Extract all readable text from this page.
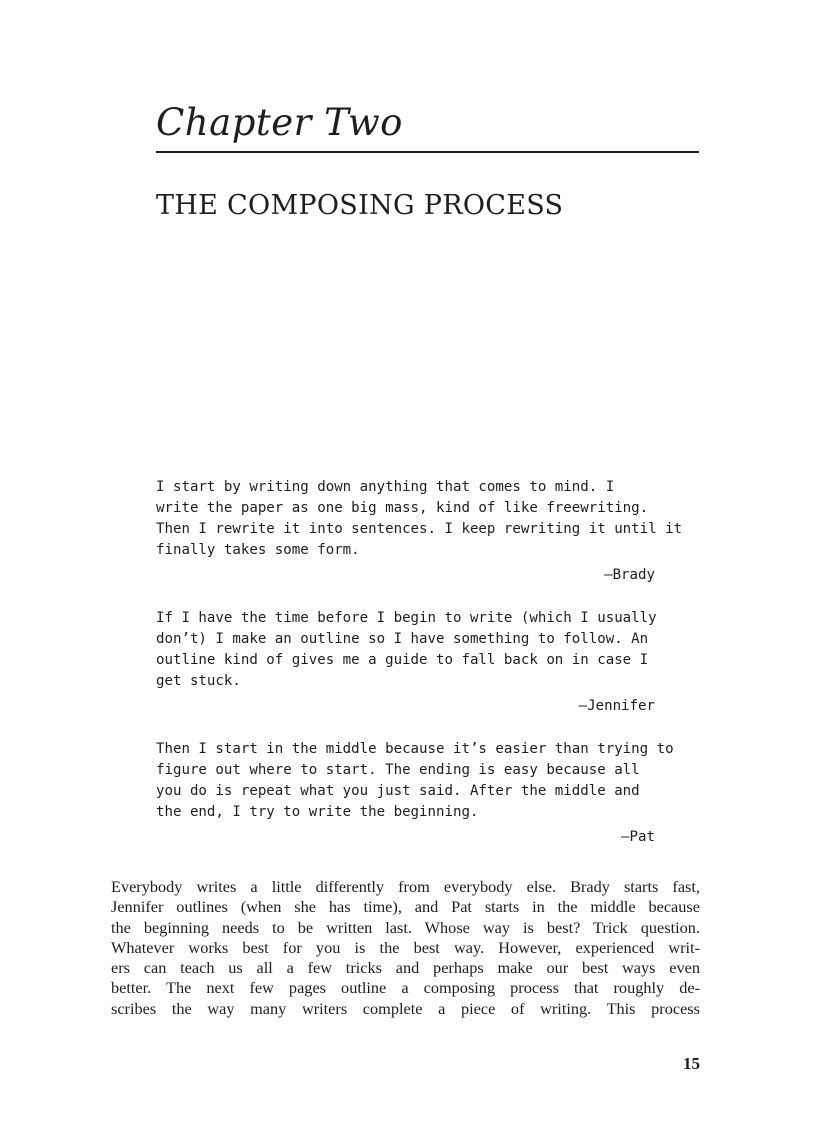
Chapter Two
THE COMPOSING PROCESS

I start by writing down anything that comes to mind. I
write the paper as one big mass, kind of like freewriting.
Then I rewrite it into sentences. I keep rewriting it until it
finally takes some form.

—Brady

If I have the time before I begin to write (which I usually
don’t) I make an outline so I have something to follow. An
outline kind of gives me a guide to fall back on in case I
get stuck.

—Jennifer

Then I start in the middle because it’s easier than trying to
figure out where to start. The ending is easy because all
you do is repeat what you just said. After the middle and
the end, I try to write the beginning.

—Pat

Everybody writes a little differently from everybody else. Brady starts fast,
Jennifer outlines (when she has time), and Pat starts in the middle because
the beginning needs to be written last. Whose way is best? Trick question.
Whatever works best for you is the best way. However, experienced writ-
ers can teach us all a few tricks and perhaps make our best ways even
better. The next few pages outline a composing process that roughly de-
scribes the way many writers complete a piece of writing. This process

15
